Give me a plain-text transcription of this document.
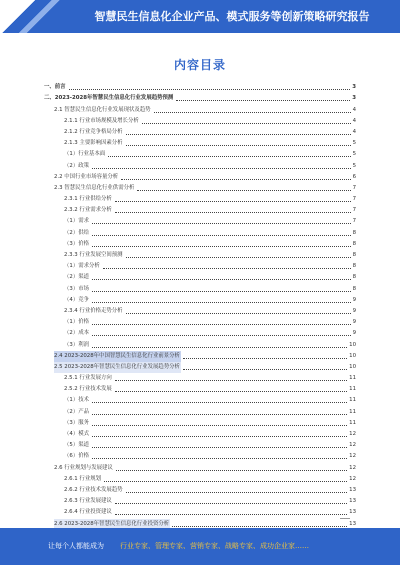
智慧民生信息化企业产品、模式服务等创新策略研究报告
内容目录
一、前言	3
二、2023-2028年智慧民生信息化行业发展趋势预测	3
2.1 智慧民生信息化行业发展现状及趋势	4
2.1.1 行业市场规模及增长分析	4
2.1.2 行业竞争格局分析	4
2.1.3 主要影响因素分析	5
（1）行业基本面	5
（2）政策	5
2.2 中国行业市场容量分析	6
2.3 智慧民生信息化行业供需分析	7
2.3.1 行业供给分析	7
2.3.2 行业需求分析	7
（1）需求	7
（2）供给	8
（3）价格	8
2.3.3 行业发展空间预测	8
（1）需求分析	8
（2）渠道	8
（3）市场	8
（4）竞争	9
2.3.4 行业价格走势分析	9
（1）价格	9
（2）成本	9
（3）利润	10
2.4 2023-2028年中国智慧民生信息化行业前景分析	10
2.5 2023-2028年智慧民生信息化行业发展趋势分析	10
2.5.1 行业发展方向	11
2.5.2 行业技术发展	11
（1）技术	11
（2）产品	11
（3）服务	11
（4）模式	12
（5）渠道	12
（6）价格	12
2.6 行业规划与发展建议	12
2.6.1 行业规划	12
2.6.2 行业技术发展趋势	13
2.6.3 行业发展建议	13
2.6.4 行业投资建议	13
2.6 2023-2028年智慧民生信息化行业投资分析	13
让每个人都能成为 行业专家、管理专家、营销专家、战略专家、成功企业家……
